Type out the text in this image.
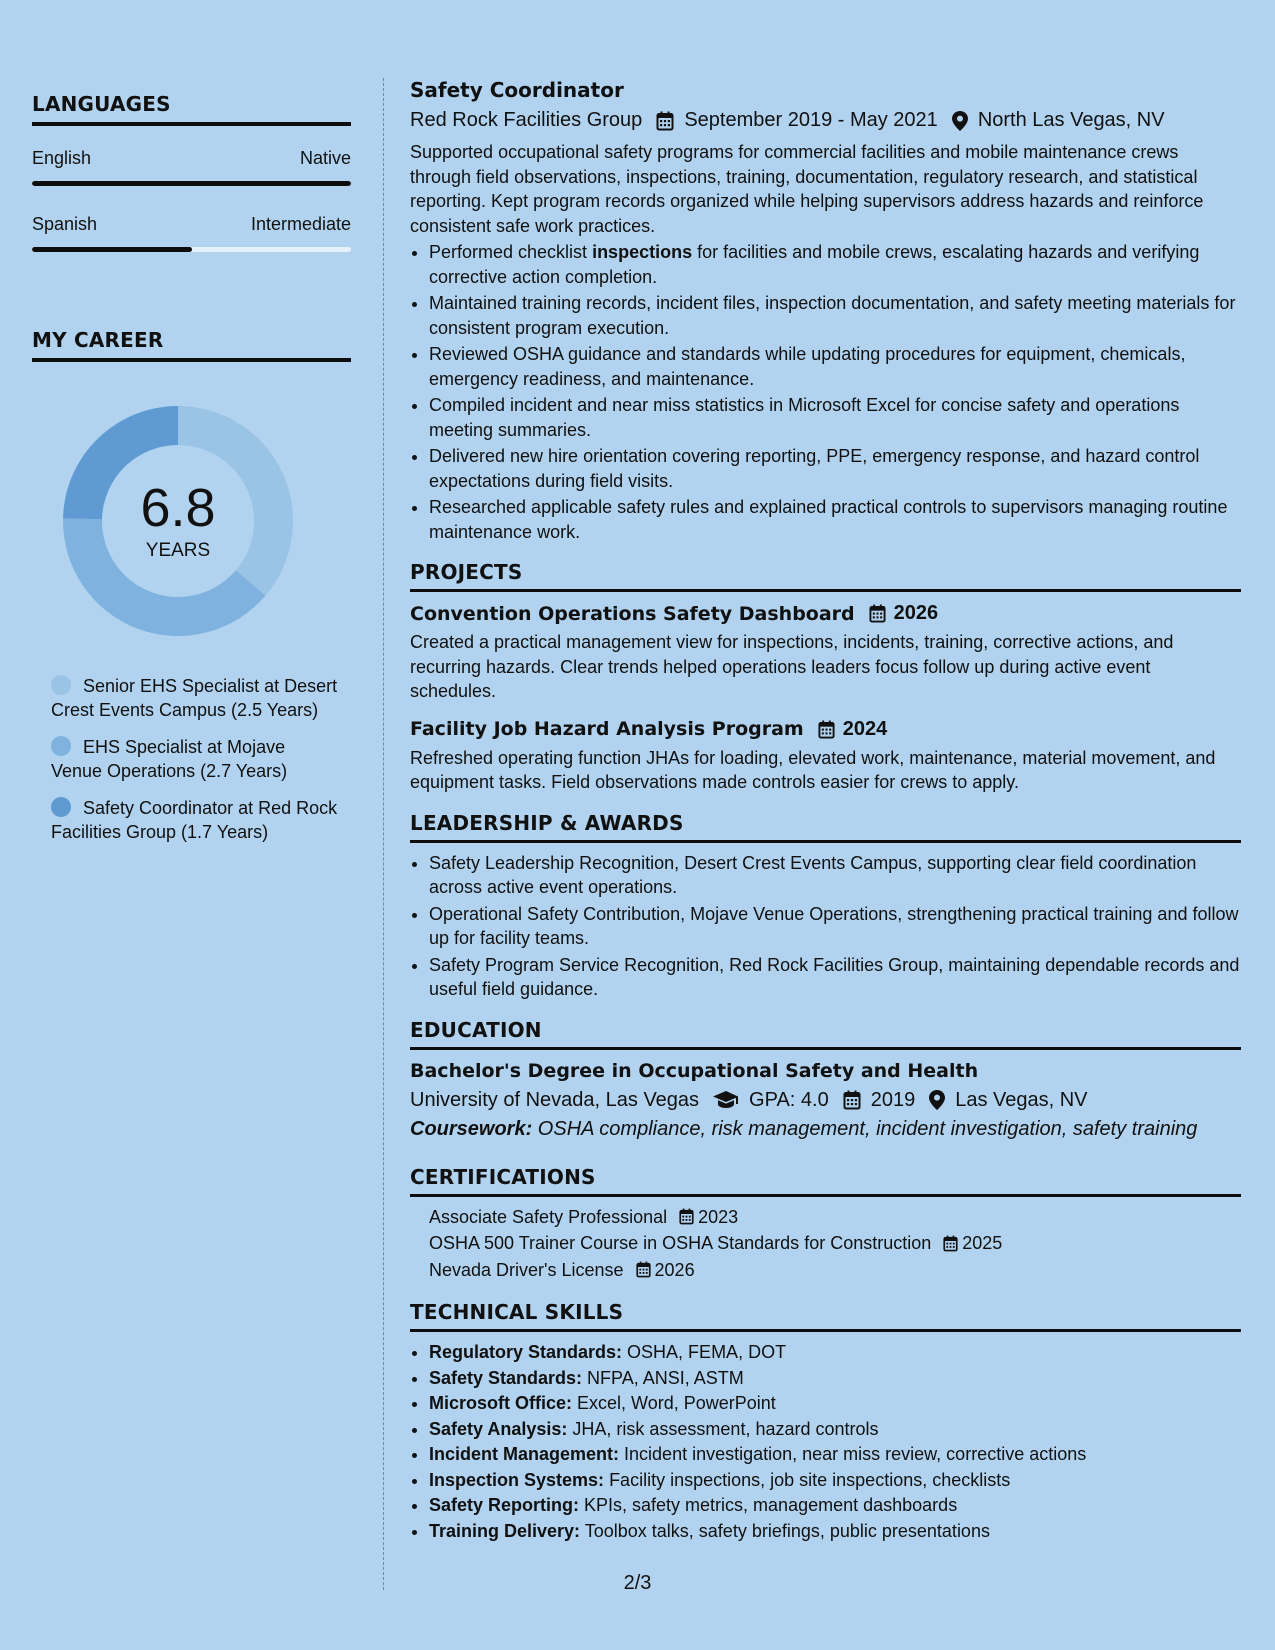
LANGUAGES
English	Native
Spanish	Intermediate
MY CAREER
6.8
YEARS
Senior EHS Specialist at Desert Crest Events Campus (2.5 Years)
EHS Specialist at Mojave Venue Operations (2.7 Years)
Safety Coordinator at Red Rock Facilities Group (1.7 Years)
Safety Coordinator
Red Rock Facilities Group September 2019 - May 2021 North Las Vegas, NV
Supported occupational safety programs for commercial facilities and mobile maintenance crews through field observations, inspections, training, documentation, regulatory research, and statistical reporting. Kept program records organized while helping supervisors address hazards and reinforce consistent safe work practices.
• Performed checklist inspections for facilities and mobile crews, escalating hazards and verifying corrective action completion.
• Maintained training records, incident files, inspection documentation, and safety meeting materials for consistent program execution.
• Reviewed OSHA guidance and standards while updating procedures for equipment, chemicals, emergency readiness, and maintenance.
• Compiled incident and near miss statistics in Microsoft Excel for concise safety and operations meeting summaries.
• Delivered new hire orientation covering reporting, PPE, emergency response, and hazard control expectations during field visits.
• Researched applicable safety rules and explained practical controls to supervisors managing routine maintenance work.
PROJECTS
Convention Operations Safety Dashboard 2026
Created a practical management view for inspections, incidents, training, corrective actions, and recurring hazards. Clear trends helped operations leaders focus follow up during active event schedules.
Facility Job Hazard Analysis Program 2024
Refreshed operating function JHAs for loading, elevated work, maintenance, material movement, and equipment tasks. Field observations made controls easier for crews to apply.
LEADERSHIP & AWARDS
• Safety Leadership Recognition, Desert Crest Events Campus, supporting clear field coordination across active event operations.
• Operational Safety Contribution, Mojave Venue Operations, strengthening practical training and follow up for facility teams.
• Safety Program Service Recognition, Red Rock Facilities Group, maintaining dependable records and useful field guidance.
EDUCATION
Bachelor's Degree in Occupational Safety and Health
University of Nevada, Las Vegas	GPA: 4.0 2019 Las Vegas, NV
Coursework: OSHA compliance, risk management, incident investigation, safety training
CERTIFICATIONS
Associate Safety Professional 2023
OSHA 500 Trainer Course in OSHA Standards for Construction 2025
Nevada Driver's License 2026
TECHNICAL SKILLS
• Regulatory Standards: OSHA, FEMA, DOT
• Safety Standards: NFPA, ANSI, ASTM
• Microsoft Office: Excel, Word, PowerPoint
• Safety Analysis: JHA, risk assessment, hazard controls
• Incident Management: Incident investigation, near miss review, corrective actions
• Inspection Systems: Facility inspections, job site inspections, checklists
• Safety Reporting: KPIs, safety metrics, management dashboards
• Training Delivery: Toolbox talks, safety briefings, public presentations
2/3
